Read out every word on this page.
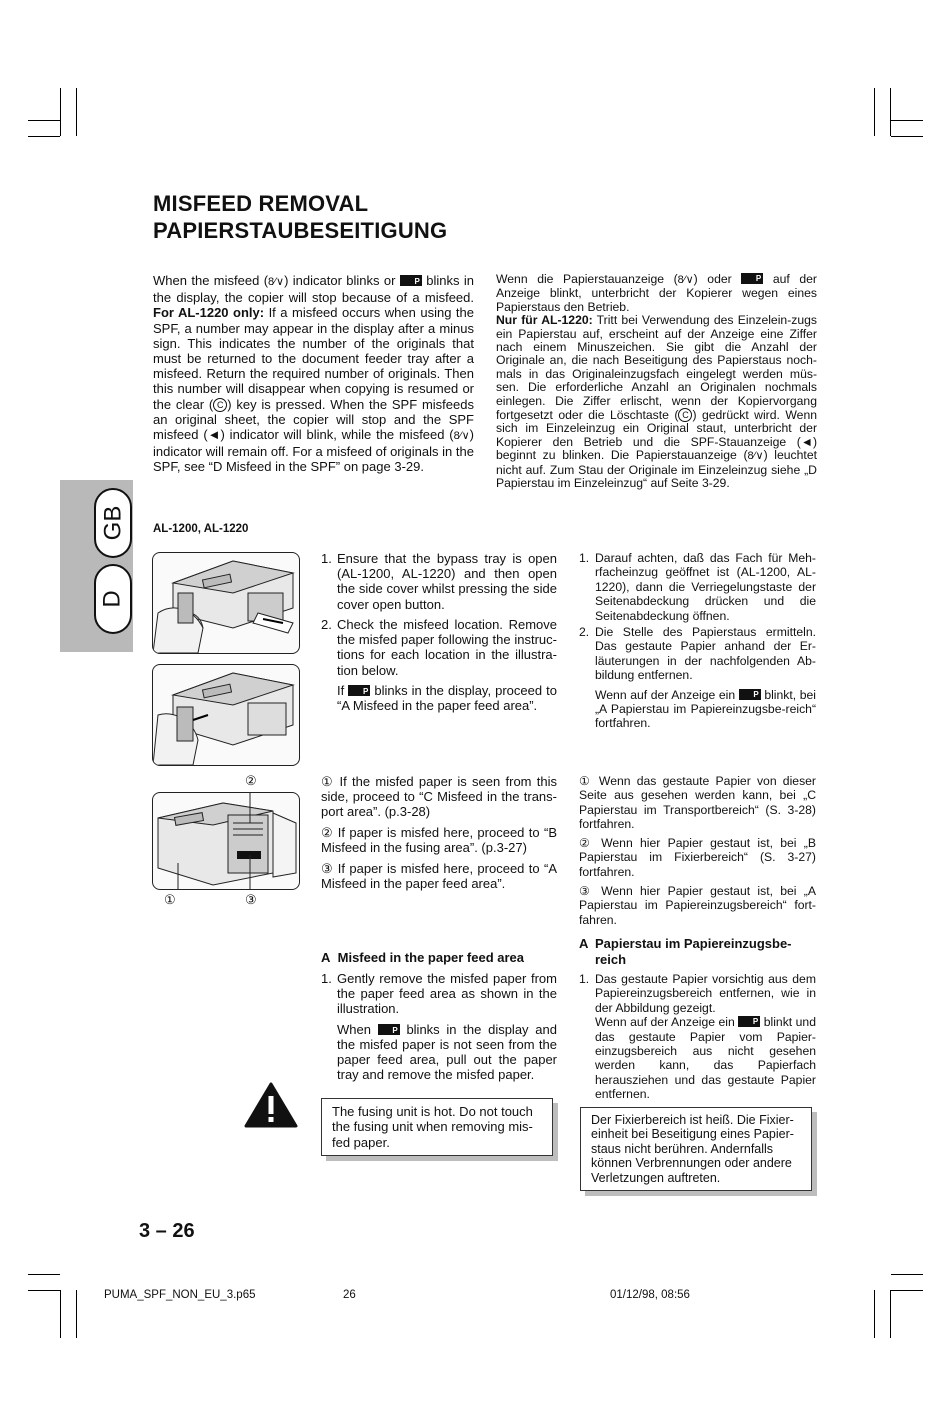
MISFEED REMOVAL
PAPIERSTAUBESEITIGUNG

When the misfeed (8⁄∨) indicator blinks or P blinks in the display, the copier will stop because of a misfeed. For AL-1220 only: If a misfeed occurs when using the SPF, a number may appear in the display after a minus sign. This indicates the number of the originals that must be returned to the document feeder tray after a misfeed. Return the required number of originals. Then this number will disappear when copying is resumed or the clear ( C ) key is pressed. When the SPF misfeeds an original sheet, the copier will stop and the SPF misfeed (◄) indicator will blink, while the misfeed (8⁄∨) indicator will remain off. For a misfeed of originals in the SPF, see “D Misfeed in the SPF” on page 3-29.

Wenn die Papierstauanzeige (8⁄∨) oder P auf der Anzeige blinkt, unterbricht der Kopierer wegen eines Papierstaus den Betrieb.
Nur für AL-1220: Tritt bei Verwendung des Einzelein-zugs ein Papierstau auf, erscheint auf der Anzeige eine Ziffer nach einem Minuszeichen. Sie gibt die Anzahl der Originale an, die nach Beseitigung des Papierstaus noch-mals in das Originaleinzugsfach eingelegt werden müs-sen. Die erforderliche Anzahl an Originalen nochmals einlegen. Die Ziffer erlischt, wenn der Kopiervorgang fortgesetzt oder die Löschtaste ( C ) gedrückt wird. Wenn sich im Einzeleinzug ein Original staut, unterbricht der Kopierer den Betrieb und die SPF-Stauanzeige (◄) beginnt zu blinken. Die Papierstauanzeige (8⁄∨) leuchtet nicht auf. Zum Stau der Originale im Einzeleinzug siehe „D Papierstau im Einzeleinzug“ auf Seite 3-29.

GB
D
AL-1200, AL-1220
1. Ensure that the bypass tray is open (AL-1200, AL-1220) and then open the side cover whilst pressing the side cover open button.
2. Check the misfeed location. Remove the misfed paper following the instruc-tions for each location in the illustra-tion below.
If P blinks in the display, proceed to “A Misfeed in the paper feed area”.
1. Darauf achten, daß das Fach für Meh-rfacheinzug geöffnet ist (AL-1200, AL-1220), dann die Verriegelungstaste der Seitenabdeckung drücken und die Seitenabdeckung öffnen.
2. Die Stelle des Papierstaus ermitteln. Das gestaute Papier anhand der Er-läuterungen in der nachfolgenden Ab-bildung entfernen.
Wenn auf der Anzeige ein P blinkt, bei „A Papierstau im Papiereinzugsbe-reich“ fortfahren.
②
①	③
① If the misfed paper is seen from this side, proceed to “C Misfeed in the trans-port area”. (p.3-28)
② If paper is misfed here, proceed to “B Misfeed in the fusing area”. (p.3-27)
③ If paper is misfed here, proceed to “A Misfeed in the paper feed area”.
① Wenn das gestaute Papier von dieser Seite aus gesehen werden kann, bei „C Papierstau im Transportbereich“ (S. 3-28) fortfahren.
② Wenn hier Papier gestaut ist, bei „B Papierstau im Fixierbereich“ (S. 3-27) fortfahren.
③ Wenn hier Papier gestaut ist, bei „A Papierstau im Papiereinzugsbereich“ fort-fahren.
A Misfeed in the paper feed area
1. Gently remove the misfed paper from the paper feed area as shown in the illustration.
When P blinks in the display and the misfed paper is not seen from the paper feed area, pull out the paper tray and remove the misfed paper.
A Papierstau im Papiereinzugsbe-reich
1. Das gestaute Papier vorsichtig aus dem Papiereinzugsbereich entfernen, wie in der Abbildung gezeigt.
Wenn auf der Anzeige ein P blinkt und das gestaute Papier vom Papier-einzugsbereich aus nicht gesehen werden kann, das Papierfach herausziehen und das gestaute Papier entfernen.
The fusing unit is hot. Do not touch the fusing unit when removing mis-fed paper.
Der Fixierbereich ist heiß. Die Fixier-einheit bei Beseitigung eines Papier-staus nicht berühren. Andernfalls können Verbrennungen oder andere Verletzungen auftreten.
3 – 26
PUMA_SPF_NON_EU_3.p65	26	01/12/98, 08:56
